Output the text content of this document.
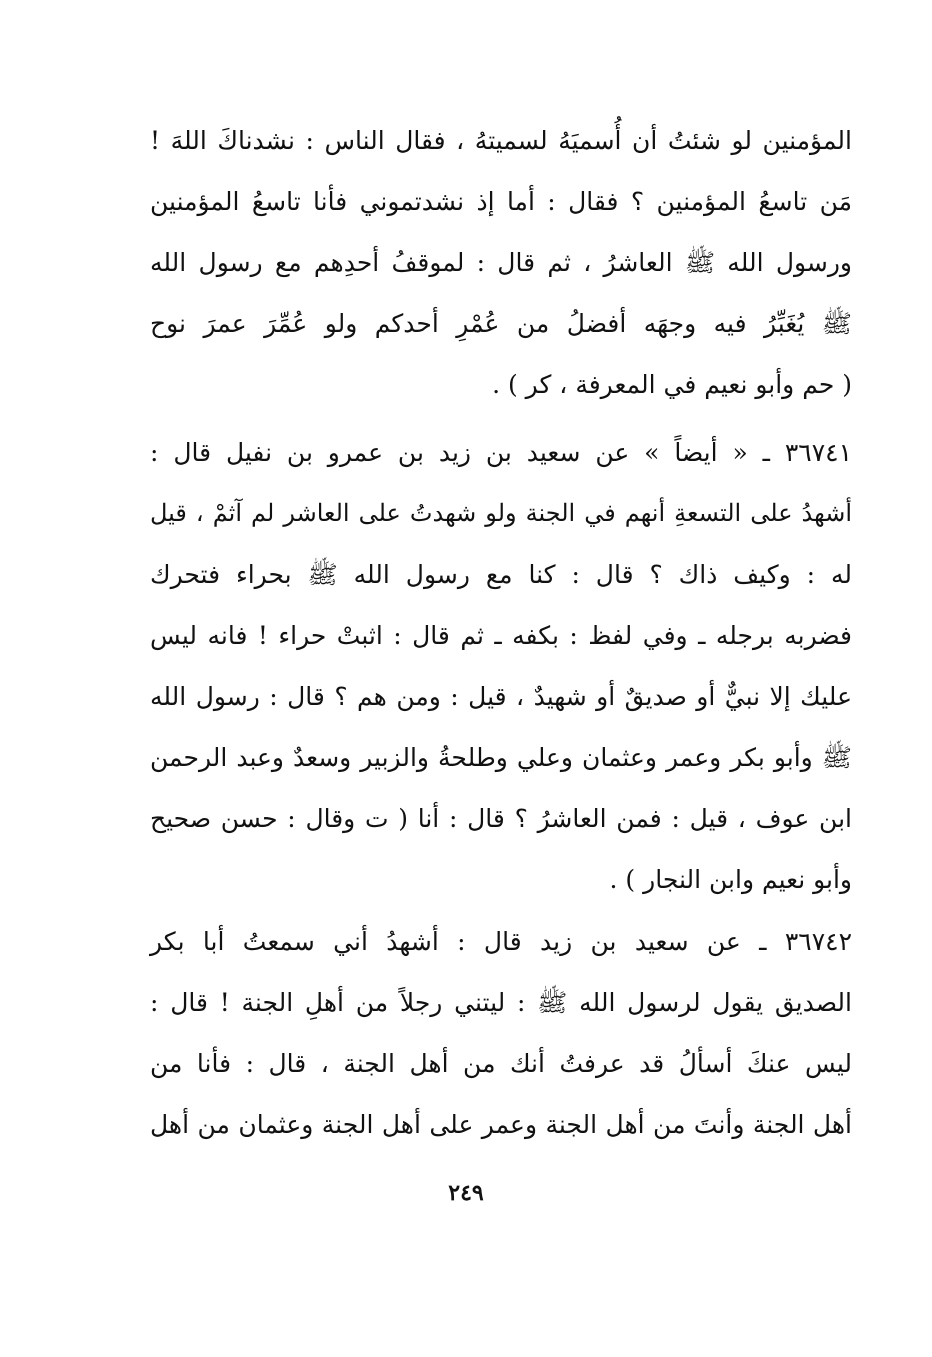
المؤمنين لو شئتُ أن أُسميَهُ لسميتهُ ، فقال الناس : نشدناكَ اللهَ !
مَن تاسعُ المؤمنين ؟ فقال : أما إذ نشدتموني فأنا تاسعُ المؤمنين
ورسول الله ﷺ العاشرُ ، ثم قال : لموقفُ أحدِهم مع رسول الله
ﷺ يُغَبِّرُ فيه وجهَه أفضلُ من عُمْرِ أحدكم ولو عُمِّرَ عمرَ نوح
( حم وأبو نعيم في المعرفة ، كر ) .
٣٦٧٤١ ـ « أيضاً » عن سعيد بن زيد بن عمرو بن نفيل قال :
أشهدُ على التسعةِ أنهم في الجنة ولو شهدتُ على العاشر لم آثمْ ، قيل
له : وكيف ذاك ؟ قال : كنا مع رسول الله ﷺ بحراء فتحرك
فضربه برجله ـ وفي لفظ : بكفه ـ ثم قال : اثبتْ حراء ! فانه ليس
عليك إلا نبيٌّ أو صديقٌ أو شهيدٌ ، قيل : ومن هم ؟ قال : رسول الله
ﷺ وأبو بكر وعمر وعثمان وعلي وطلحةُ والزبير وسعدٌ وعبد الرحمن
ابن عوف ، قيل : فمن العاشرُ ؟ قال : أنا ( ت وقال : حسن صحيح
وأبو نعيم وابن النجار ) .
٣٦٧٤٢ ـ عن سعيد بن زيد قال : أشهدُ أني سمعتُ أبا بكر
الصديق يقول لرسول الله ﷺ : ليتني رجلاً من أهلِ الجنة ! قال :
ليس عنكَ أسألُ قد عرفتُ أنك من أهل الجنة ، قال : فأنا من
أهل الجنة وأنتَ من أهل الجنة وعمر على أهل الجنة وعثمان من أهل
٢٤٩
